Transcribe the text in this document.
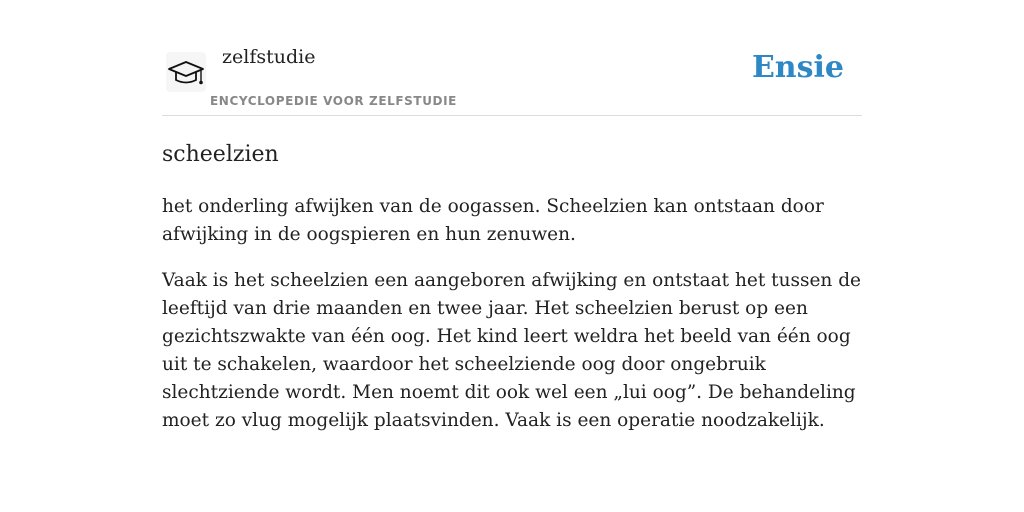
zelfstudie
ENCYCLOPEDIE VOOR ZELFSTUDIE
Ensie
scheelzien

het onderling afwijken van de oogassen. Scheelzien kan ontstaan door afwijking in de oogspieren en hun zenuwen.

Vaak is het scheelzien een aangeboren afwijking en ontstaat het tussen de leeftijd van drie maanden en twee jaar. Het scheelzien berust op een gezichtszwakte van één oog. Het kind leert weldra het beeld van één oog uit te schakelen, waardoor het scheelziende oog door ongebruik slechtziende wordt. Men noemt dit ook wel een „lui oog”. De behandeling moet zo vlug mogelijk plaatsvinden. Vaak is een operatie noodzakelijk.
